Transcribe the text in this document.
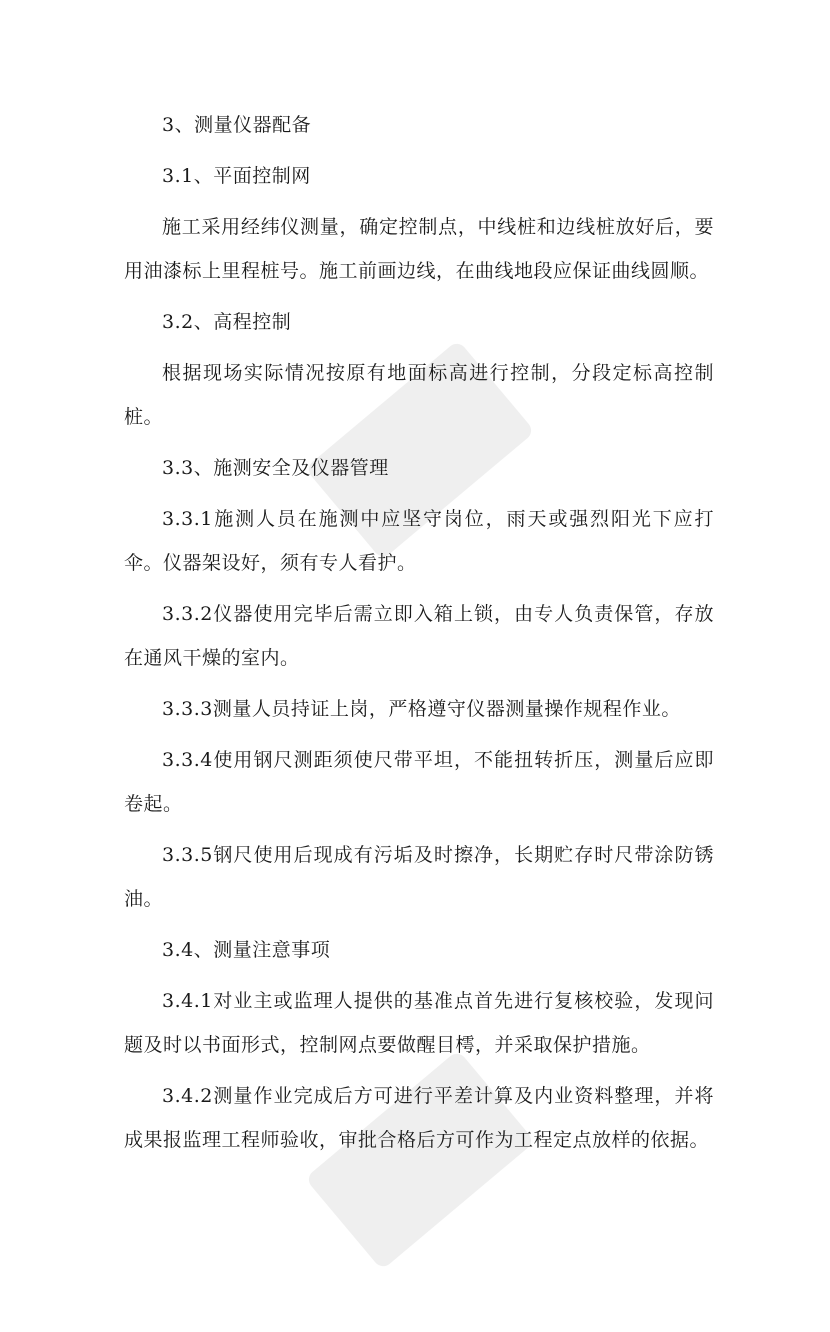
3、测量仪器配备

3.1、平面控制网

施工采用经纬仪测量，确定控制点，中线桩和边线桩放好后，要用油漆标上里程桩号。施工前画边线，在曲线地段应保证曲线圆顺。

3.2、高程控制

根据现场实际情况按原有地面标高进行控制，分段定标高控制桩。

3.3、施测安全及仪器管理

3.3.1施测人员在施测中应坚守岗位，雨天或强烈阳光下应打伞。仪器架设好，须有专人看护。

3.3.2仪器使用完毕后需立即入箱上锁，由专人负责保管，存放在通风干燥的室内。

3.3.3测量人员持证上岗，严格遵守仪器测量操作规程作业。

3.3.4使用钢尺测距须使尺带平坦，不能扭转折压，测量后应即卷起。

3.3.5钢尺使用后现成有污垢及时擦净，长期贮存时尺带涂防锈油。

3.4、测量注意事项

3.4.1对业主或监理人提供的基准点首先进行复核校验，发现问题及时以书面形式，控制网点要做醒目樗，并采取保护措施。

3.4.2测量作业完成后方可进行平差计算及内业资料整理，并将成果报监理工程师验收，审批合格后方可作为工程定点放样的依据。
